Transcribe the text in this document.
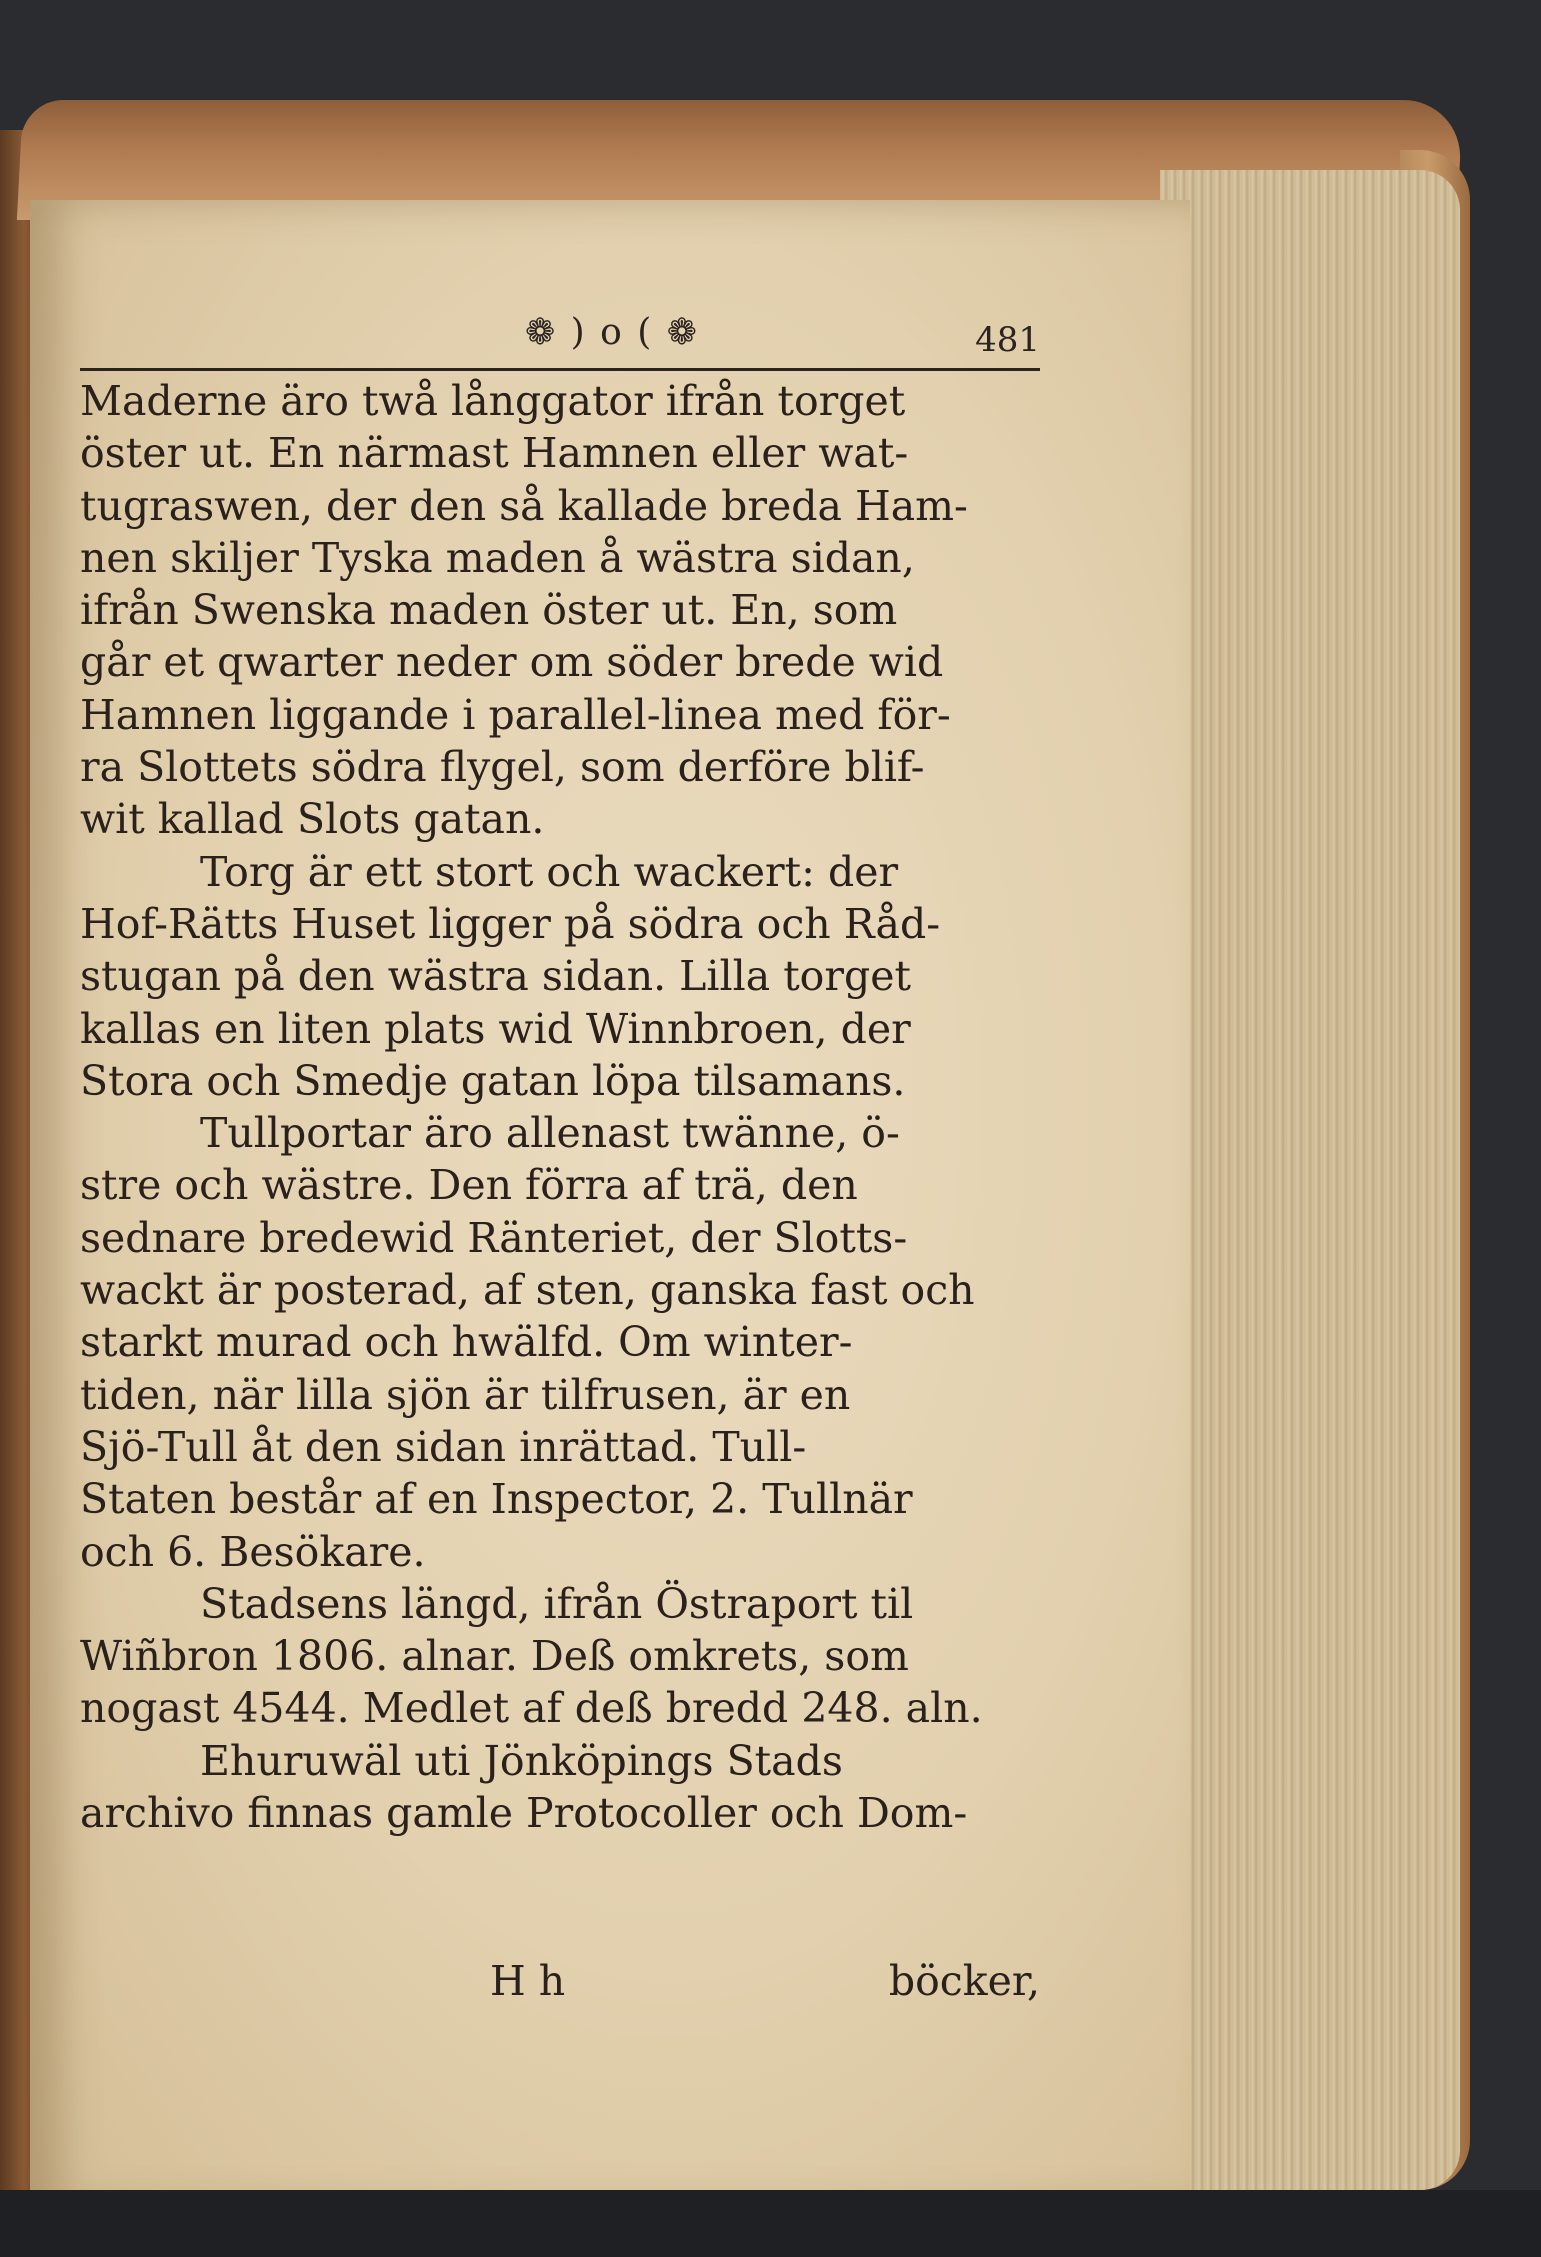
❁ ) o ( ❁	481
Maderne äro twå långgator ifrån torget
öster ut. En närmast Hamnen eller wat-
tugraswen, der den så kallade breda Ham-
nen skiljer Tyska maden å wästra sidan,
ifrån Swenska maden öster ut. En, som
går et qwarter neder om söder brede wid
Hamnen liggande i parallel-linea med för-
ra Slottets södra flygel, som derföre blif-
wit kallad Slots gatan.
Torg är ett stort och wackert: der
Hof-Rätts Huset ligger på södra och Råd-
stugan på den wästra sidan. Lilla torget
kallas en liten plats wid Winnbroen, der
Stora och Smedje gatan löpa tilsamans.
Tullportar äro allenast twänne, ö-
stre och wästre. Den förra af trä, den
sednare bredewid Ränteriet, der Slotts-
wackt är posterad, af sten, ganska fast och
starkt murad och hwälfd. Om winter-
tiden, när lilla sjön är tilfrusen, är en
Sjö-Tull åt den sidan inrättad. Tull-
Staten består af en Inspector, 2. Tullnär
och 6. Besökare.
Stadsens längd, ifrån Östraport til
Wiñbron 1806. alnar. Deß omkrets, som
nogast 4544. Medlet af deß bredd 248. aln.
Ehuruwäl uti Jönköpings Stads
archivo finnas gamle Protocoller och Dom-
H h	böcker,
